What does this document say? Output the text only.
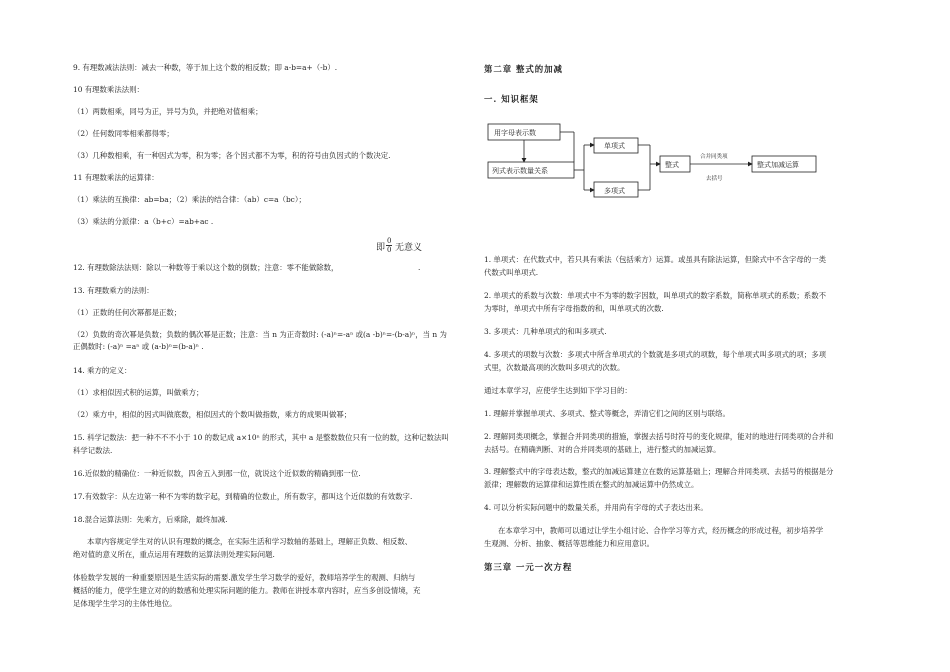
9. 有理数减法法则：减去一种数，等于加上这个数的相反数；即 a-b=a+（-b）.
10 有理数乘法法则：
（1）两数相乘，同号为正，异号为负，并把绝对值相乘；
（2）任何数同零相乘都得零；
（3）几种数相乘，有一种因式为零，积为零；各个因式都不为零，积的符号由负因式的个数决定.
11 有理数乘法的运算律：
（1）乘法的互换律：ab=ba；（2）乘法的结合律：（ab）c=a（bc）；
（3）乘法的分派律：a（b+c）=ab+ac .
即 $\frac{0}{0}$ 无意义
12. 有理数除法法则：除以一种数等于乘以这个数的倒数；注意：零不能做除数，	.
13. 有理数乘方的法则：
（1）正数的任何次幂都是正数；
（2）负数的奇次幂是负数；负数的偶次幂是正数；注意：当 n 为正奇数时: (-a)ⁿ=-aⁿ 或(a -b)ⁿ=-(b-a)ⁿ，当 n 为
正偶数时: (-a)ⁿ =aⁿ 或 (a-b)ⁿ=(b-a)ⁿ .
14. 乘方的定义：
（1）求相似因式积的运算，叫做乘方；
（2）乘方中，相似的因式叫做底数，相似因式的个数叫做指数，乘方的成果叫做幂；
15. 科学记数法：把一种不不不小于 10 的数记成 a×10ⁿ 的形式，其中 a 是整数数位只有一位的数，这种记数法叫
科学记数法.
16.近似数的精确位：一种近似数，四舍五入到那一位，就说这个近似数的精确到那一位.
17.有效数字：从左边第一种不为零的数字起，到精确的位数止，所有数字，都叫这个近似数的有效数字.
18.混合运算法则：先乘方，后乘除，最终加减.
本章内容规定学生对的认识有理数的概念，在实际生活和学习数轴的基础上，理解正负数、相反数、
绝对值的意义所在，重点运用有理数的运算法则处理实际问题.
体验数学发展的一种重要原因是生活实际的需要.激发学生学习数学的爱好，教师培养学生的观测、归纳与
概括的能力，使学生建立对的的数感和处理实际问题的能力。教师在讲授本章内容时，应当多创设情境，充
足体现学生学习的主体性地位。
第二章 整式的加减
一. 知识框架
1. 单项式：在代数式中，若只具有乘法（包括乘方）运算。或虽具有除法运算，但除式中不含字母的一类
代数式叫单项式.
2. 单项式的系数与次数：单项式中不为零的数字因数，叫单项式的数字系数，简称单项式的系数；系数不
为零时，单项式中所有字母指数的和，叫单项式的次数.
3. 多项式：几种单项式的和叫多项式.
4. 多项式的项数与次数：多项式中所含单项式的个数就是多项式的项数，每个单项式叫多项式的项；多项
式里，次数最高项的次数叫多项式的次数。
通过本章学习，应使学生达到如下学习目的：
1. 理解并掌握单项式、多项式、整式等概念，弄清它们之间的区别与联络。
2. 理解同类项概念，掌握合并同类项的措施，掌握去括号时符号的变化规律，能对的地进行同类项的合并和
去括号。在精确判断、对的合并同类项的基础上，进行整式的加减运算。
3. 理解整式中的字母表达数，整式的加减运算建立在数的运算基础上；理解合并同类项、去括号的根据是分
派律；理解数的运算律和运算性质在整式的加减运算中仍然成立。
4. 可以分析实际问题中的数量关系，并用尚有字母的式子表达出来。
在本章学习中，教师可以通过让学生小组讨论、合作学习等方式，经历概念的形成过程，初步培养学
生观测、分析、抽象、概括等思维能力和应用意识。
第三章 一元一次方程
用字母表示数
列式表示数量关系
单项式
多项式
整式	整式加减运算
合并同类项
去括号
